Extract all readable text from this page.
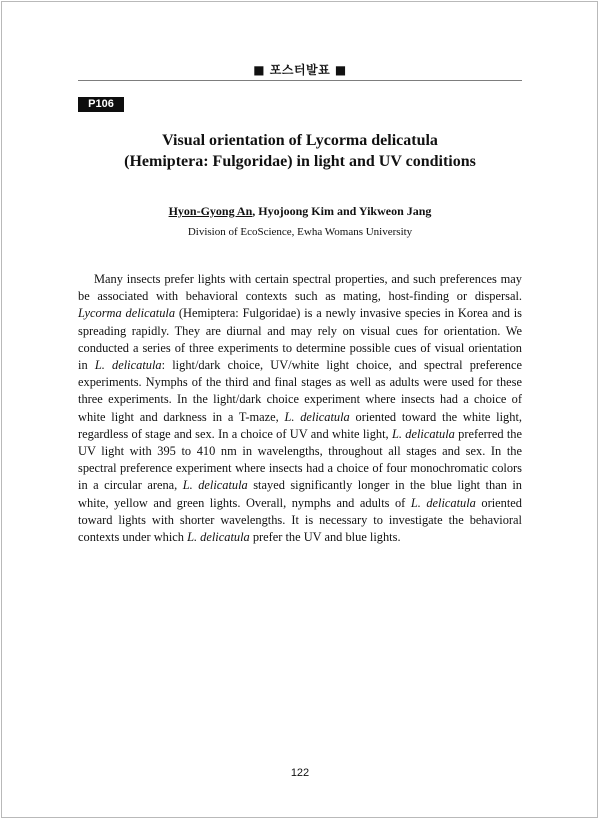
■ 포스터발표 ■
P106
Visual orientation of Lycorma delicatula
(Hemiptera: Fulgoridae) in light and UV conditions
Hyon-Gyong An, Hyojoong Kim and Yikweon Jang
Division of EcoScience, Ewha Womans University

Many insects prefer lights with certain spectral properties, and such preferences may be associated with behavioral contexts such as mating, host-finding or dispersal. Lycorma delicatula (Hemiptera: Fulgoridae) is a newly invasive species in Korea and is spreading rapidly. They are diurnal and may rely on visual cues for orientation. We conducted a series of three experiments to determine possible cues of visual orientation in L. delicatula: light/dark choice, UV/white light choice, and spectral preference experiments. Nymphs of the third and final stages as well as adults were used for these three experiments. In the light/dark choice experiment where insects had a choice of white light and darkness in a T-maze, L. delicatula oriented toward the white light, regardless of stage and sex. In a choice of UV and white light, L. delicatula preferred the UV light with 395 to 410 nm in wavelengths, throughout all stages and sex. In the spectral preference experiment where insects had a choice of four monochromatic colors in a circular arena, L. delicatula stayed significantly longer in the blue light than in white, yellow and green lights. Overall, nymphs and adults of L. delicatula oriented toward lights with shorter wavelengths. It is necessary to investigate the behavioral contexts under which L. delicatula prefer the UV and blue lights.

122
